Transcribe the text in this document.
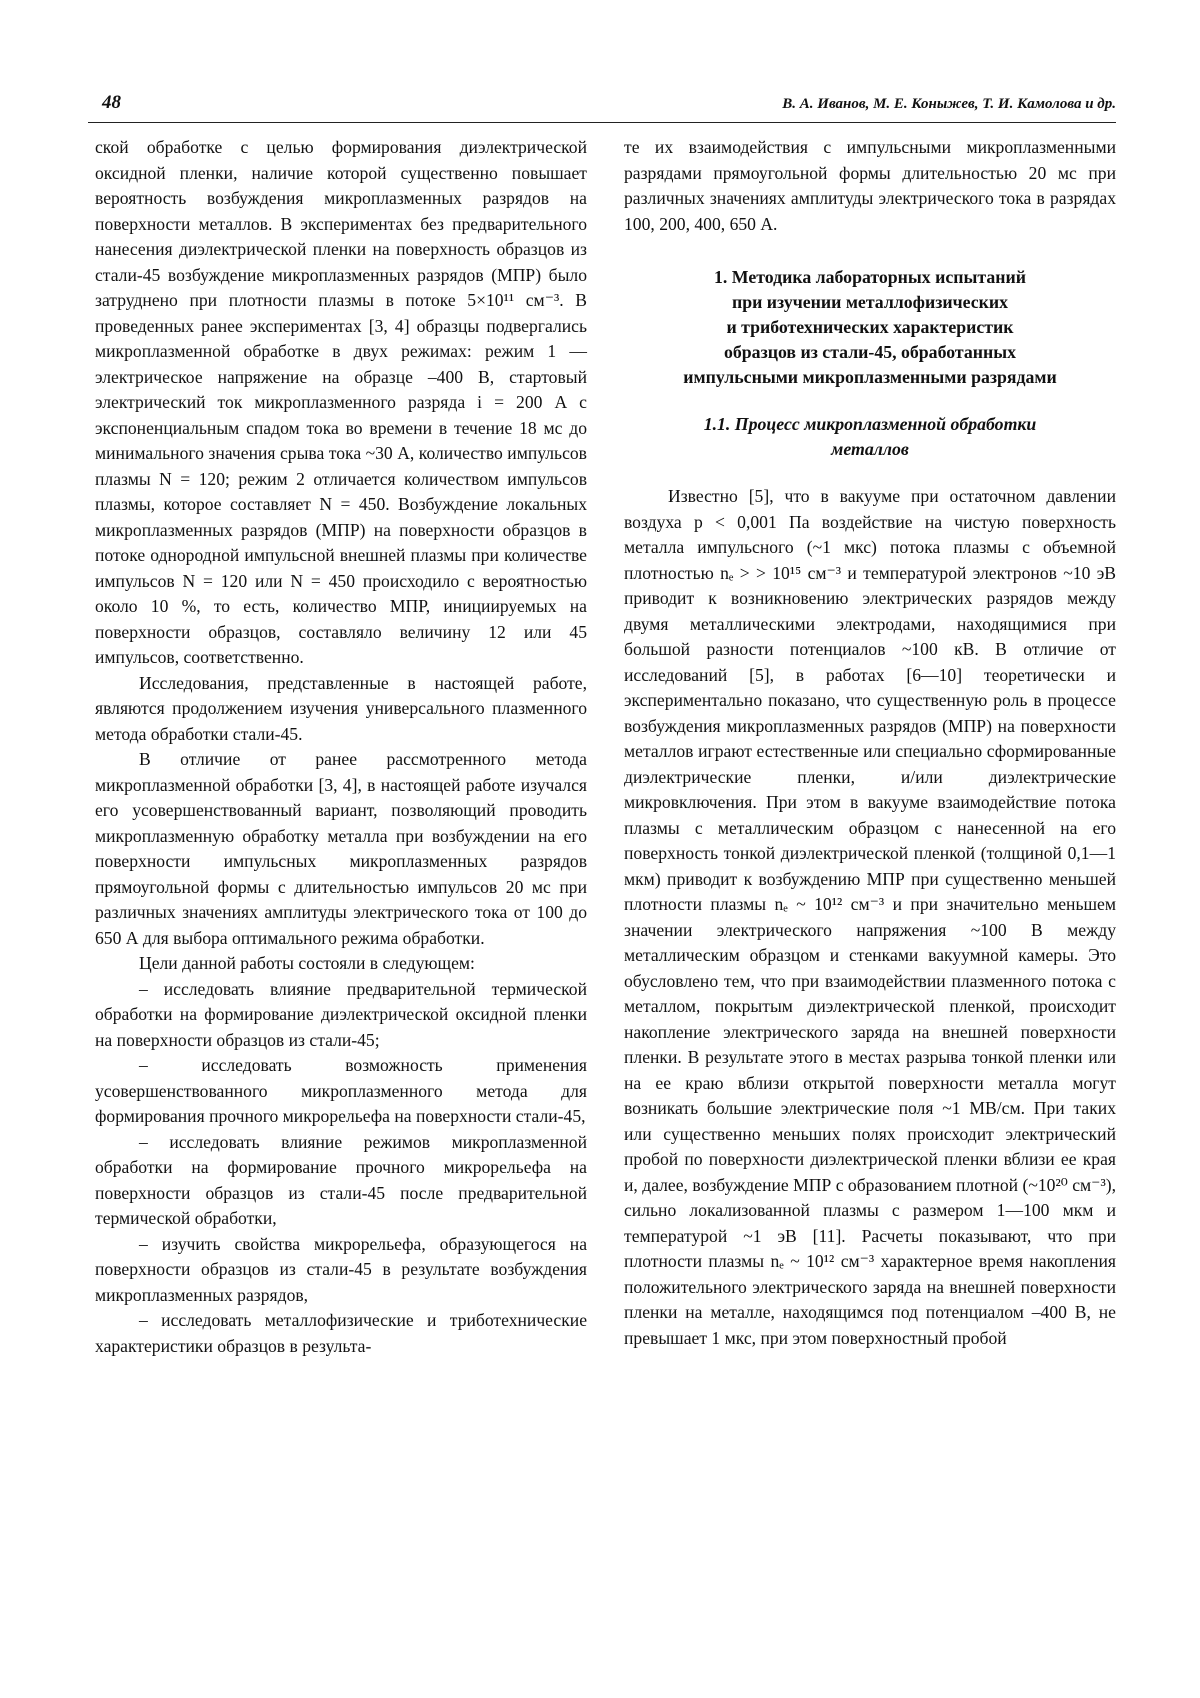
48	В. А. Иванов, М. Е. Коныжев, Т. И. Камолова и др.

ской обработке с целью формирования диэлектрической оксидной пленки, наличие которой существенно повышает вероятность возбуждения микроплазменных разрядов на поверхности металлов. В экспериментах без предварительного нанесения диэлектрической пленки на поверхность образцов из стали-45 возбуждение микроплазменных разрядов (МПР) было затруднено при плотности плазмы в потоке 5×10¹¹ см⁻³. В проведенных ранее экспериментах [3, 4] образцы подвергались микроплазменной обработке в двух режимах: режим 1 — электрическое напряжение на образце –400 В, стартовый электрический ток микроплазменного разряда i = 200 А с экспоненциальным спадом тока во времени в течение 18 мс до минимального значения срыва тока ~30 А, количество импульсов плазмы N = 120; режим 2 отличается количеством импульсов плазмы, которое составляет N = 450. Возбуждение локальных микроплазменных разрядов (МПР) на поверхности образцов в потоке однородной импульсной внешней плазмы при количестве импульсов N = 120 или N = 450 происходило с вероятностью около 10 %, то есть, количество МПР, инициируемых на поверхности образцов, составляло величину 12 или 45 импульсов, соответственно.

Исследования, представленные в настоящей работе, являются продолжением изучения универсального плазменного метода обработки стали-45.

В отличие от ранее рассмотренного метода микроплазменной обработки [3, 4], в настоящей работе изучался его усовершенствованный вариант, позволяющий проводить микроплазменную обработку металла при возбуждении на его поверхности импульсных микроплазменных разрядов прямоугольной формы с длительностью импульсов 20 мс при различных значениях амплитуды электрического тока от 100 до 650 А для выбора оптимального режима обработки.

Цели данной работы состояли в следующем:

– исследовать влияние предварительной термической обработки на формирование диэлектрической оксидной пленки на поверхности образцов из стали-45;

– исследовать возможность применения усовершенствованного микроплазменного метода для формирования прочного микрорельефа на поверхности стали-45,

– исследовать влияние режимов микроплазменной обработки на формирование прочного микрорельефа на поверхности образцов из стали-45 после предварительной термической обработки,

– изучить свойства микрорельефа, образующегося на поверхности образцов из стали-45 в результате возбуждения микроплазменных разрядов,

– исследовать металлофизические и триботехнические характеристики образцов в результа-

те их взаимодействия с импульсными микроплазменными разрядами прямоугольной формы длительностью 20 мс при различных значениях амплитуды электрического тока в разрядах 100, 200, 400, 650 А.

1. Методика лабораторных испытаний
при изучении металлофизических
и триботехнических характеристик
образцов из стали-45, обработанных
импульсными микроплазменными разрядами
1.1. Процесс микроплазменной обработки
металлов

Известно [5], что в вакууме при остаточном давлении воздуха p < 0,001 Па воздействие на чистую поверхность металла импульсного (~1 мкс) потока плазмы с объемной плотностью nₑ > > 10¹⁵ см⁻³ и температурой электронов ~10 эВ приводит к возникновению электрических разрядов между двумя металлическими электродами, находящимися при большой разности потенциалов ~100 кВ. В отличие от исследований [5], в работах [6—10] теоретически и экспериментально показано, что существенную роль в процессе возбуждения микроплазменных разрядов (МПР) на поверхности металлов играют естественные или специально сформированные диэлектрические пленки, и/или диэлектрические микровключения. При этом в вакууме взаимодействие потока плазмы с металлическим образцом с нанесенной на его поверхность тонкой диэлектрической пленкой (толщиной 0,1—1 мкм) приводит к возбуждению МПР при существенно меньшей плотности плазмы nₑ ~ 10¹² см⁻³ и при значительно меньшем значении электрического напряжения ~100 В между металлическим образцом и стенками вакуумной камеры. Это обусловлено тем, что при взаимодействии плазменного потока с металлом, покрытым диэлектрической пленкой, происходит накопление электрического заряда на внешней поверхности пленки. В результате этого в местах разрыва тонкой пленки или на ее краю вблизи открытой поверхности металла могут возникать большие электрические поля ~1 МВ/см. При таких или существенно меньших полях происходит электрический пробой по поверхности диэлектрической пленки вблизи ее края и, далее, возбуждение МПР с образованием плотной (~10²⁰ см⁻³), сильно локализованной плазмы с размером 1—100 мкм и температурой ~1 эВ [11]. Расчеты показывают, что при плотности плазмы nₑ ~ 10¹² см⁻³ характерное время накопления положительного электрического заряда на внешней поверхности пленки на металле, находящимся под потенциалом –400 В, не превышает 1 мкс, при этом поверхностный пробой
